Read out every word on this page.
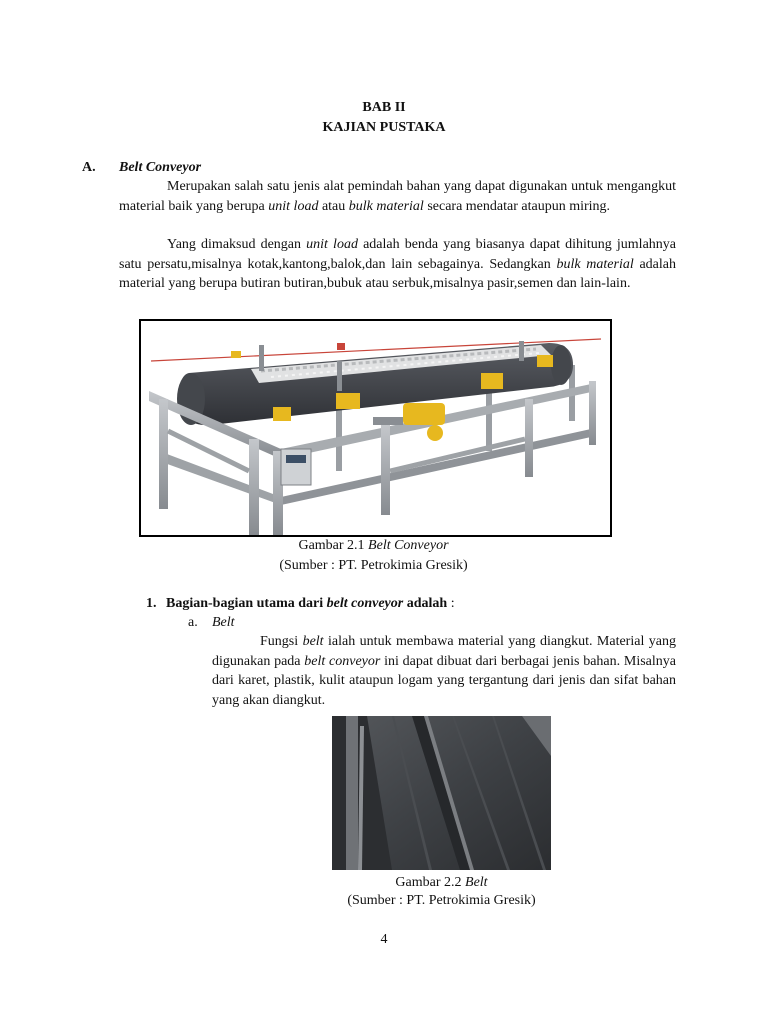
BAB II
KAJIAN PUSTAKA
A. Belt Conveyor
Merupakan salah satu jenis alat pemindah bahan yang dapat digunakan untuk mengangkut material baik yang berupa unit load atau bulk material secara mendatar ataupun miring.
Yang dimaksud dengan unit load adalah benda yang biasanya dapat dihitung jumlahnya satu persatu,misalnya kotak,kantong,balok,dan lain sebagainya. Sedangkan bulk material adalah material yang berupa butiran butiran,bubuk atau serbuk,misalnya pasir,semen dan lain-lain.
Gambar 2.1 Belt Conveyor
(Sumber : PT. Petrokimia Gresik)
1. Bagian-bagian utama dari belt conveyor adalah :
a. Belt
Fungsi belt ialah untuk membawa material yang diangkut. Material yang digunakan pada belt conveyor ini dapat dibuat dari berbagai jenis bahan. Misalnya dari karet, plastik, kulit ataupun logam yang tergantung dari jenis dan sifat bahan yang akan diangkut.
Gambar 2.2 Belt
(Sumber : PT. Petrokimia Gresik)
4
